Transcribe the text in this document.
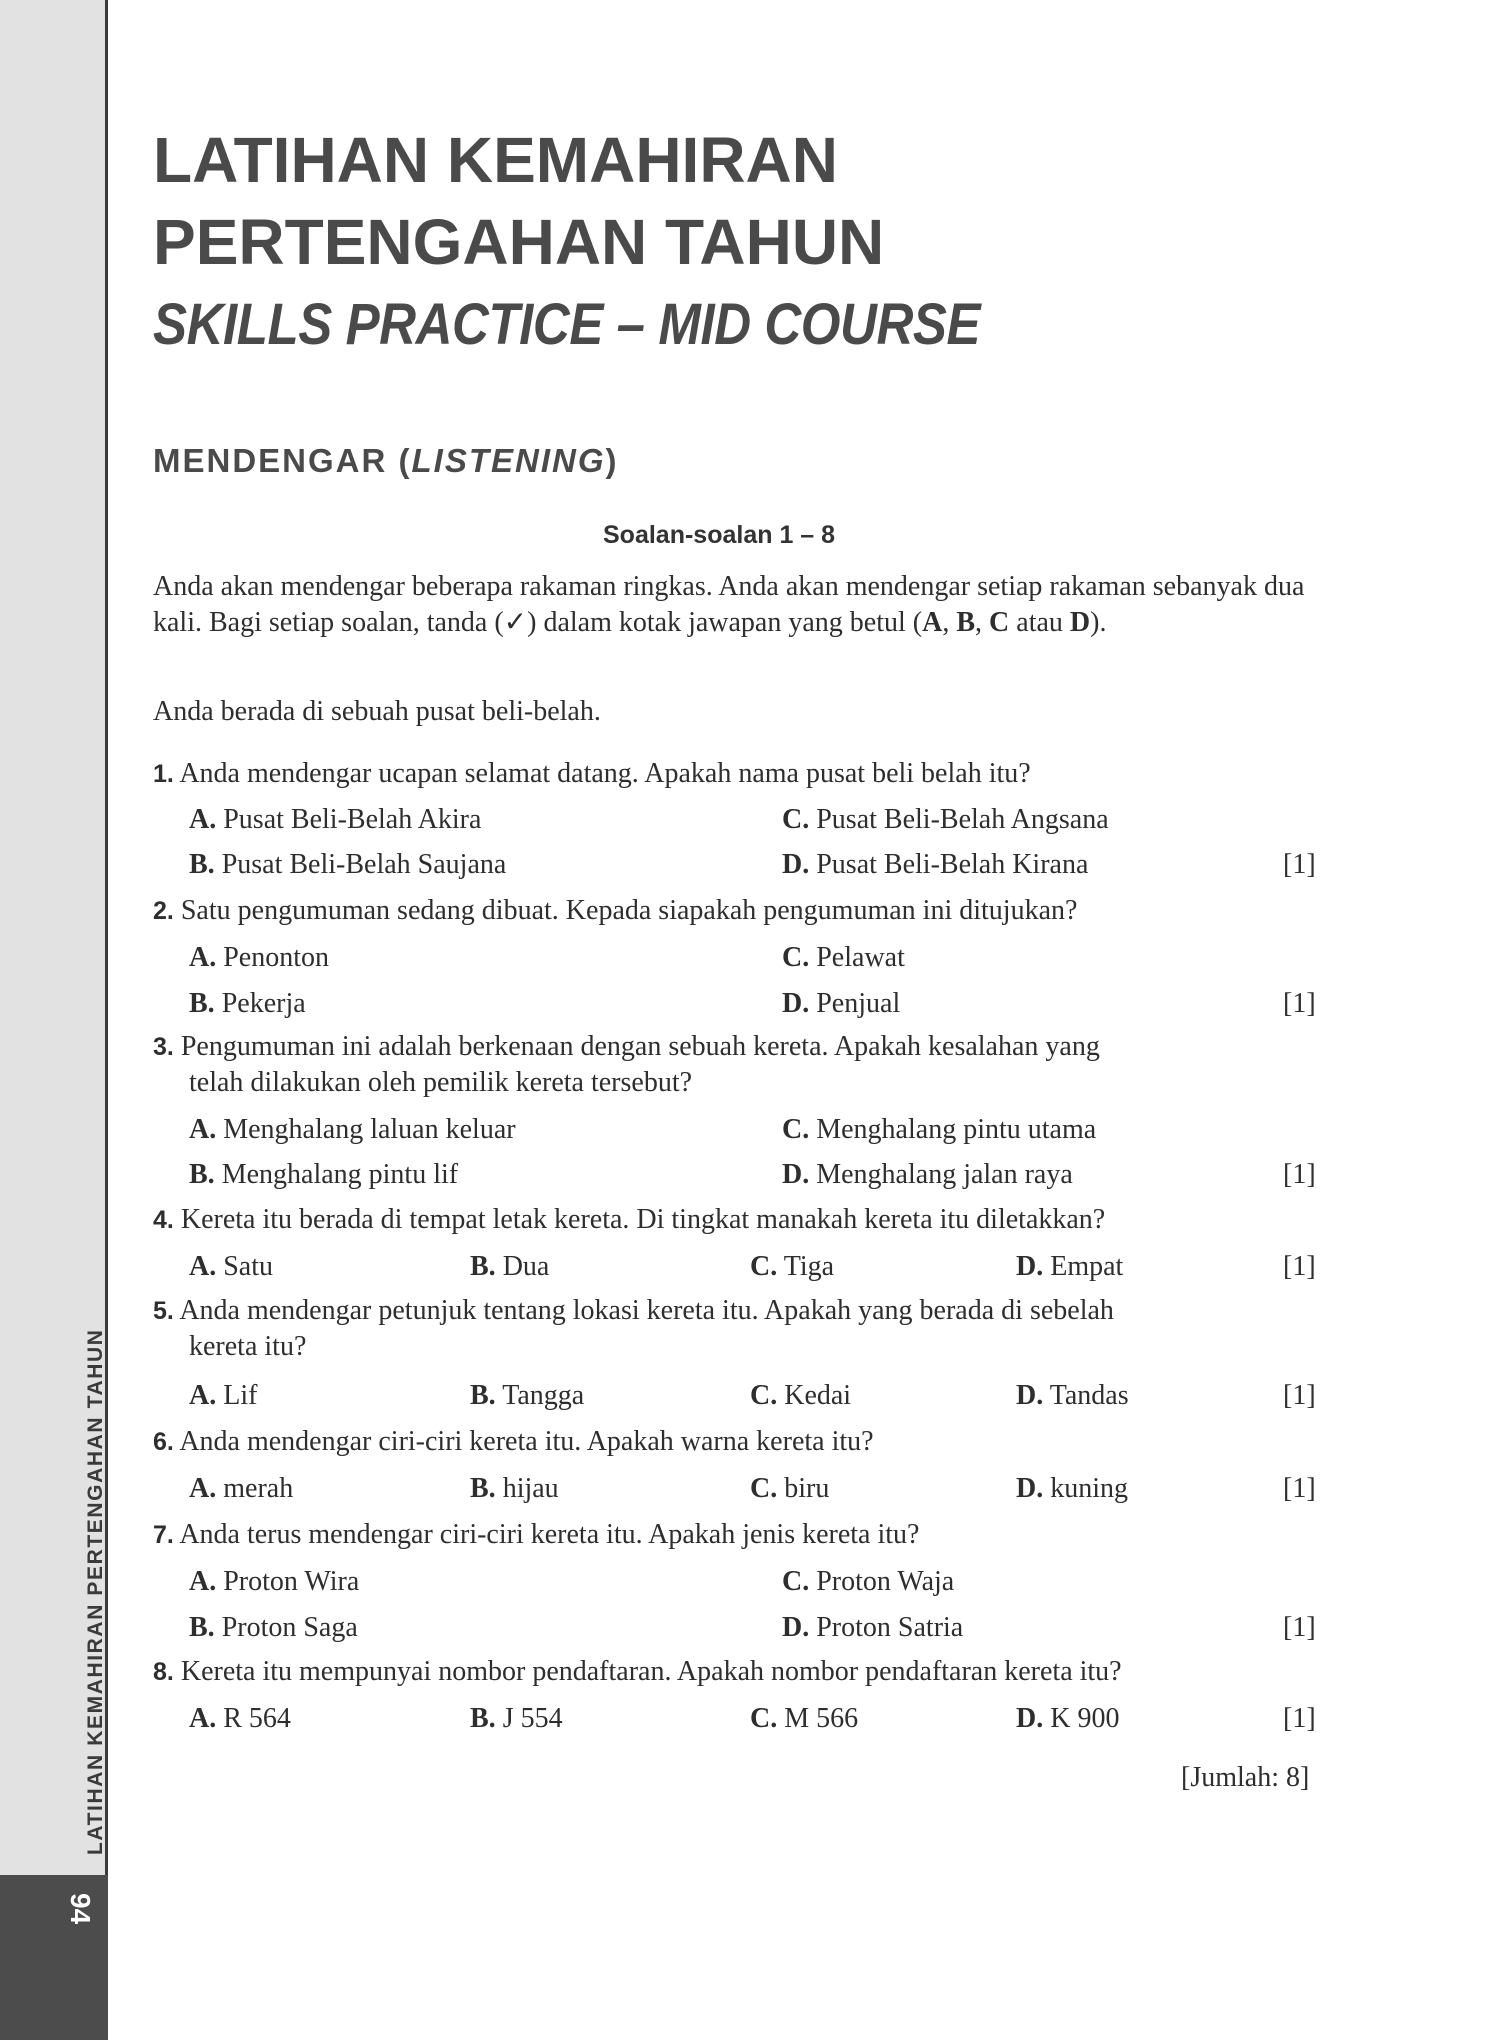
LATIHAN KEMAHIRAN PERTENGAHAN TAHUN
94
LATIHAN KEMAHIRAN
PERTENGAHAN TAHUN
SKILLS PRACTICE – MID COURSE
MENDENGAR (LISTENING)
Soalan-soalan 1 – 8
Anda akan mendengar beberapa rakaman ringkas. Anda akan mendengar setiap rakaman sebanyak dua kali. Bagi setiap soalan, tanda (✓) dalam kotak jawapan yang betul (A, B, C atau D).
Anda berada di sebuah pusat beli-belah.
1. Anda mendengar ucapan selamat datang. Apakah nama pusat beli belah itu?
A. Pusat Beli-Belah Akira	C. Pusat Beli-Belah Angsana
B. Pusat Beli-Belah Saujana	D. Pusat Beli-Belah Kirana	[1]
2. Satu pengumuman sedang dibuat. Kepada siapakah pengumuman ini ditujukan?
A. Penonton	C. Pelawat
B. Pekerja	D. Penjual	[1]
3. Pengumuman ini adalah berkenaan dengan sebuah kereta. Apakah kesalahan yang
telah dilakukan oleh pemilik kereta tersebut?
A. Menghalang laluan keluar	C. Menghalang pintu utama
B. Menghalang pintu lif	D. Menghalang jalan raya	[1]
4. Kereta itu berada di tempat letak kereta. Di tingkat manakah kereta itu diletakkan?
A. Satu	B. Dua	C. Tiga	D. Empat	[1]
5. Anda mendengar petunjuk tentang lokasi kereta itu. Apakah yang berada di sebelah
kereta itu?
A. Lif	B. Tangga	C. Kedai	D. Tandas	[1]
6. Anda mendengar ciri-ciri kereta itu. Apakah warna kereta itu?
A. merah	B. hijau	C. biru	D. kuning	[1]
7. Anda terus mendengar ciri-ciri kereta itu. Apakah jenis kereta itu?
A. Proton Wira	C. Proton Waja
B. Proton Saga	D. Proton Satria	[1]
8. Kereta itu mempunyai nombor pendaftaran. Apakah nombor pendaftaran kereta itu?
A. R 564	B. J 554	C. M 566	D. K 900	[1]
[Jumlah: 8]
